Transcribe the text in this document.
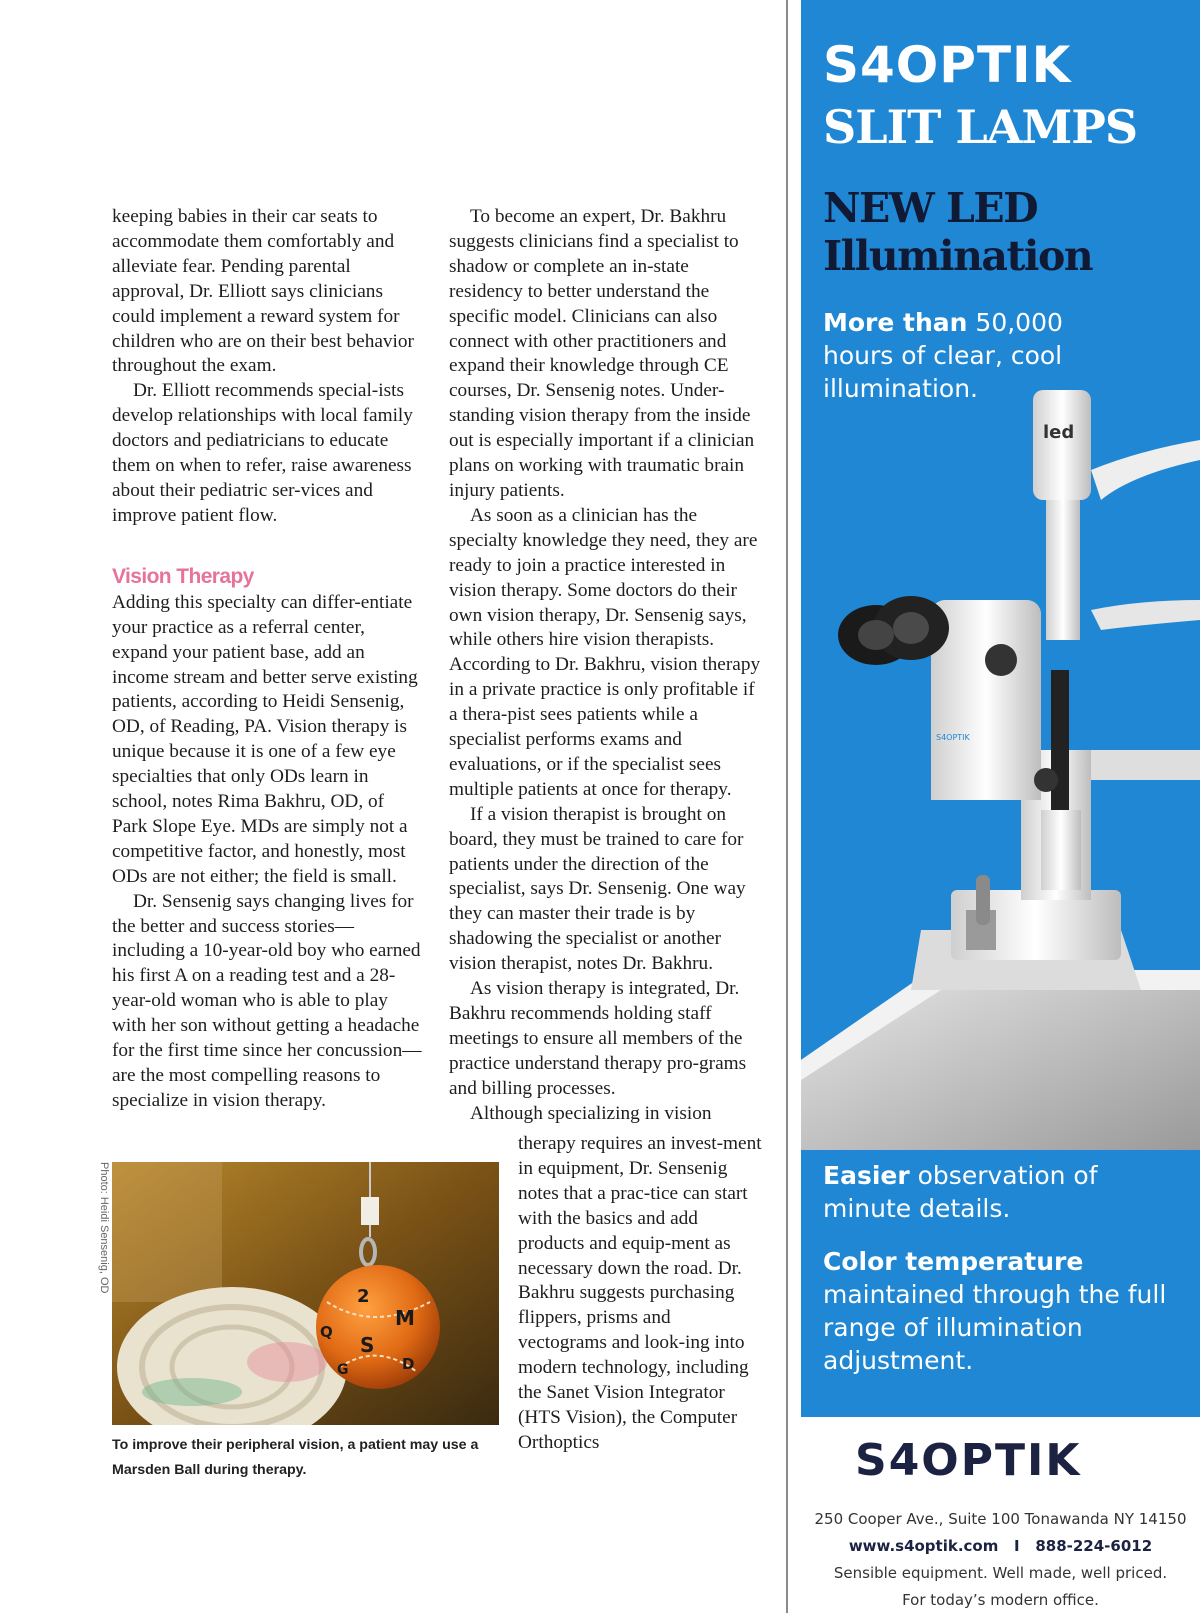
keeping babies in their car seats to accommodate them comfortably and alleviate fear. Pending parental approval, Dr. Elliott says clinicians could implement a reward system for children who are on their best behavior throughout the exam.

Dr. Elliott recommends special-ists develop relationships with local family doctors and pediatricians to educate them on when to refer, raise awareness about their pediatric ser-vices and improve patient flow.

Vision Therapy

Adding this specialty can differ-entiate your practice as a referral center, expand your patient base, add an income stream and better serve existing patients, according to Heidi Sensenig, OD, of Reading, PA. Vision therapy is unique because it is one of a few eye specialties that only ODs learn in school, notes Rima Bakhru, OD, of Park Slope Eye. MDs are simply not a competitive factor, and honestly, most ODs are not either; the field is small.

Dr. Sensenig says changing lives for the better and success stories—including a 10-year-old boy who earned his first A on a reading test and a 28-year-old woman who is able to play with her son without getting a headache for the first time since her concussion—are the most compelling reasons to specialize in vision therapy.

To become an expert, Dr. Bakhru suggests clinicians find a specialist to shadow or complete an in-state residency to better understand the specific model. Clinicians can also connect with other practitioners and expand their knowledge through CE courses, Dr. Sensenig notes. Under-standing vision therapy from the inside out is especially important if a clinician plans on working with traumatic brain injury patients.

As soon as a clinician has the specialty knowledge they need, they are ready to join a practice interested in vision therapy. Some doctors do their own vision therapy, Dr. Sensenig says, while others hire vision therapists. According to Dr. Bakhru, vision therapy in a private practice is only profitable if a thera-pist sees patients while a specialist performs exams and evaluations, or if the specialist sees multiple patients at once for therapy.

If a vision therapist is brought on board, they must be trained to care for patients under the direction of the specialist, says Dr. Sensenig. One way they can master their trade is by shadowing the specialist or another vision therapist, notes Dr. Bakhru.

As vision therapy is integrated, Dr. Bakhru recommends holding staff meetings to ensure all members of the practice understand therapy pro-grams and billing processes.

Although specializing in vision

therapy requires an invest-ment in equipment, Dr. Sensenig notes that a prac-tice can start with the basics and add products and equip-ment as necessary down the road. Dr. Bakhru suggests purchasing flippers, prisms and vectograms and look-ing into modern technology, including the Sanet Vision Integrator (HTS Vision), the Computer Orthoptics

Photo: Heidi Sensenig, OD
2
M
Q
S
D
G
To improve their peripheral vision, a patient may use a Marsden Ball during therapy.
S4OPTIK
SLIT LAMPS
NEW LED
Illumination
More than 50,000 hours of clear, cool illumination.
led
S4OPTIK
Easier observation of minute details.
Color temperature maintained through the full range of illumination adjustment.
S4OPTIK
250 Cooper Ave., Suite 100 Tonawanda NY 14150
www.s4optik.com I 888-224-6012
Sensible equipment. Well made, well priced.
For today’s modern office.
